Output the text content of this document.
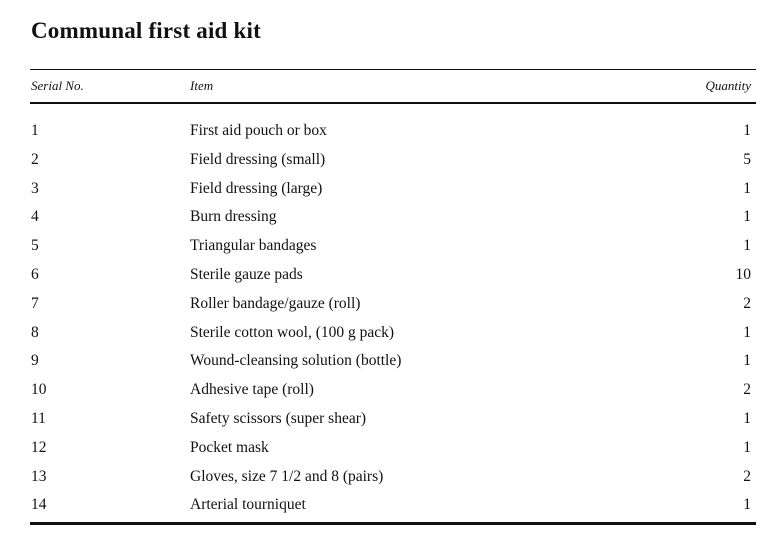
Communal first aid kit
Serial No.	Item	Quantity
1	First aid pouch or box	1
2	Field dressing (small)	5
3	Field dressing (large)	1
4	Burn dressing	1
5	Triangular bandages	1
6	Sterile gauze pads	10
7	Roller bandage/gauze (roll)	2
8	Sterile cotton wool, (100 g pack)	1
9	Wound-cleansing solution (bottle)	1
10	Adhesive tape (roll)	2
11	Safety scissors (super shear)	1
12	Pocket mask	1
13	Gloves, size 7 1/2 and 8 (pairs)	2
14	Arterial tourniquet	1
